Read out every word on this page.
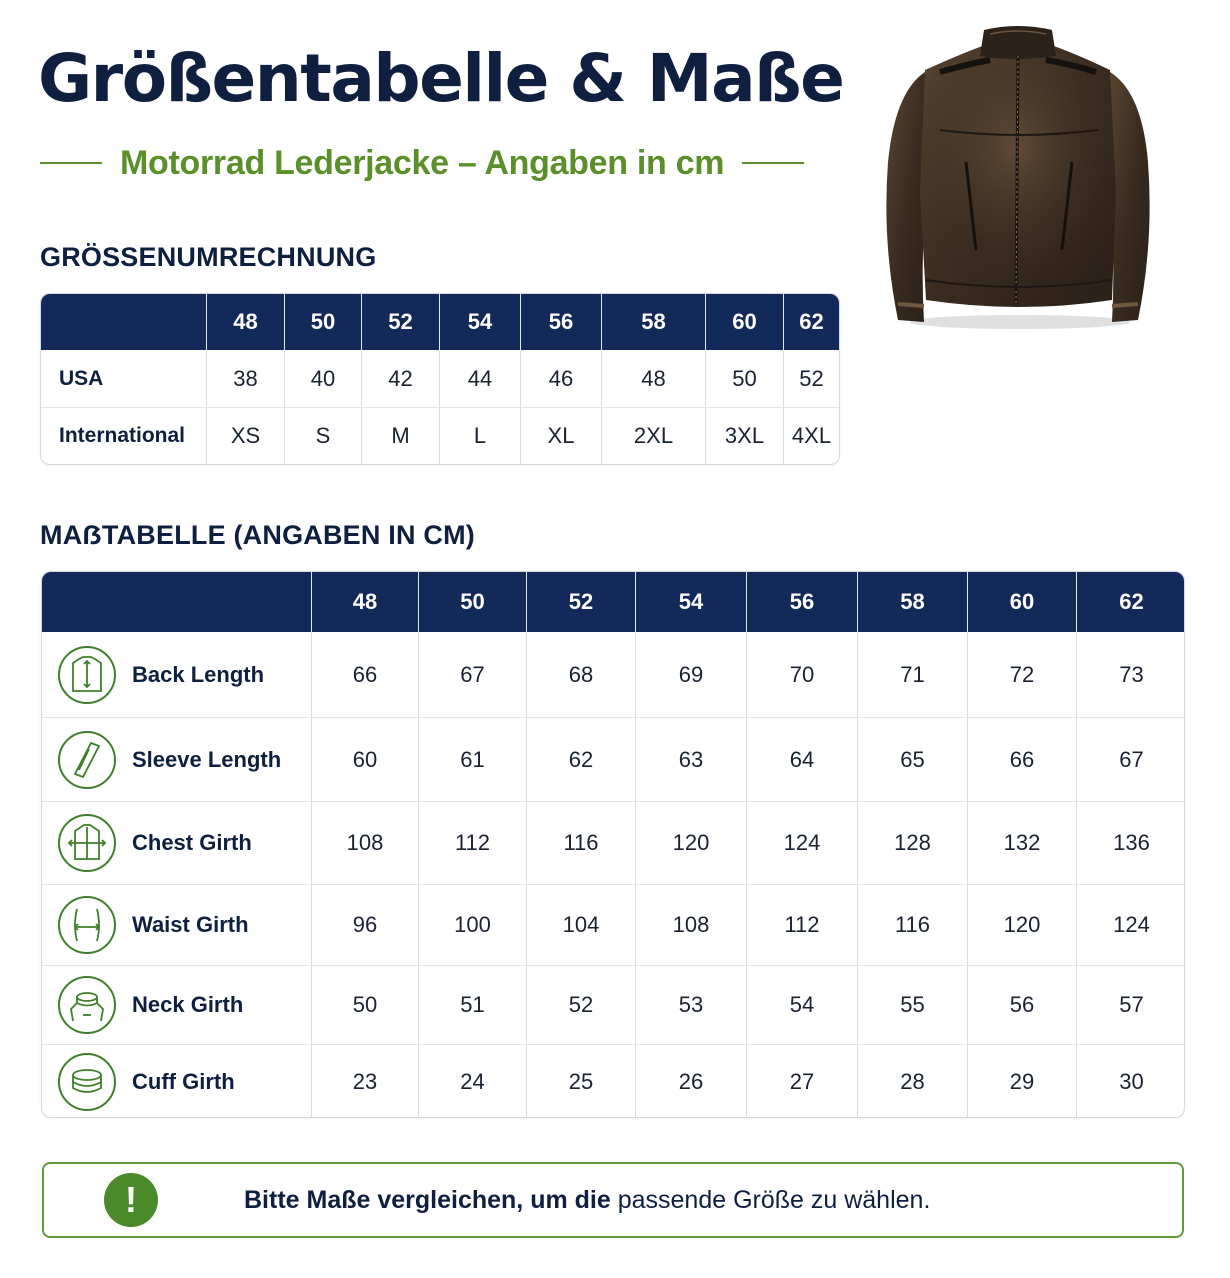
Größentabelle & Maße
Motorrad Lederjacke – Angaben in cm
GRÖSSENUMRECHNUNG
	48	50	52	54	56	58	60	62
USA	38	40	42	44	46	48	50	52
International	XS	S	M	L	XL	2XL	3XL	4XL
MAẞTABELLE (ANGABEN IN CM)
	48	50	52	54	56	58	60	62

Back Length	66	67	68	69	70	71	72	73

Sleeve Length	60	61	62	63	64	65	66	67

Chest Girth	108	112	116	120	124	128	132	136

Waist Girth	96	100	104	108	112	116	120	124

Neck Girth	50	51	52	53	54	55	56	57

Cuff Girth	23	24	25	26	27	28	29	30
!	Bitte Maße vergleichen, um die passende Größe zu wählen.
